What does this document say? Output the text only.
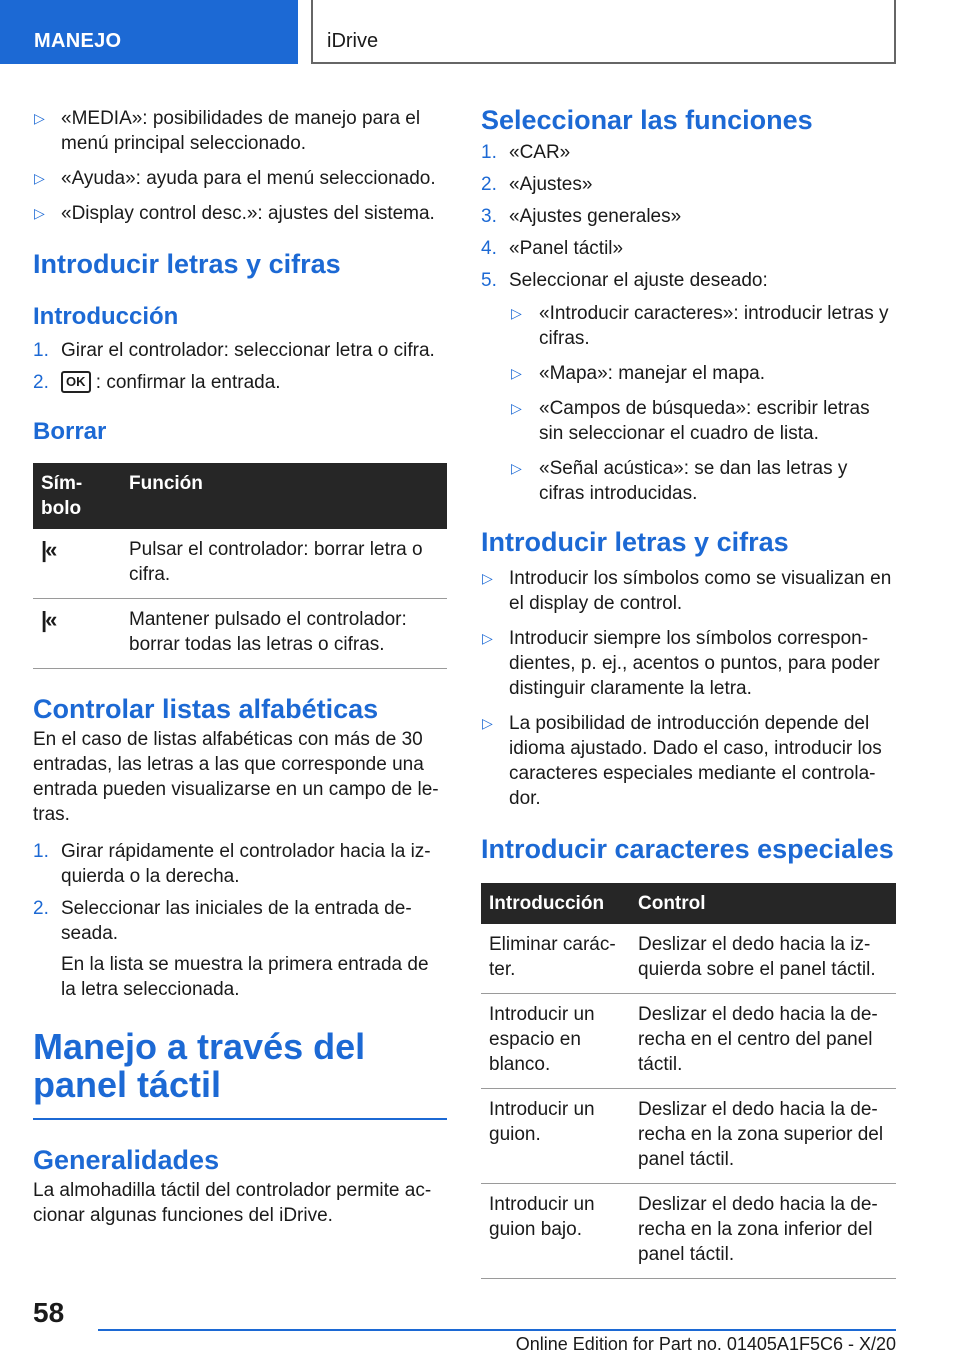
MANEJO	iDrive
▷ «MEDIA»: posibilidades de manejo para el menú principal seleccionado.
▷ «Ayuda»: ayuda para el menú seleccionado.
▷ «Display control desc.»: ajustes del sistema.
Introducir letras y cifras
Introducción
1. Girar el controlador: seleccionar letra o cifra.
2. OK : confirmar la entrada.
Borrar
Sím-
bolo	Función
|«	Pulsar el controlador: borrar letra o cifra.
|«	Mantener pulsado el controlador: borrar todas las letras o cifras.
Controlar listas alfabéticas

En el caso de listas alfabéticas con más de 30 entradas, las letras a las que corresponde una entrada pueden visualizarse en un campo de le-tras.

1. Girar rápidamente el controlador hacia la iz-quierda o la derecha.
2. Seleccionar las iniciales de la entrada de-seada.
En la lista se muestra la primera entrada de la letra seleccionada.
Manejo a través del panel táctil
Generalidades

La almohadilla táctil del controlador permite ac-cionar algunas funciones del iDrive.

Seleccionar las funciones
1. «CAR»
2. «Ajustes»
3. «Ajustes generales»
4. «Panel táctil»
5. Seleccionar el ajuste deseado:
▷ «Introducir caracteres»: introducir letras y cifras.
▷ «Mapa»: manejar el mapa.
▷ «Campos de búsqueda»: escribir letras sin seleccionar el cuadro de lista.
▷ «Señal acústica»: se dan las letras y cifras introducidas.
Introducir letras y cifras
▷ Introducir los símbolos como se visualizan en el display de control.
▷ Introducir siempre los símbolos correspon-dientes, p. ej., acentos o puntos, para poder distinguir claramente la letra.
▷ La posibilidad de introducción depende del idioma ajustado. Dado el caso, introducir los caracteres especiales mediante el controla-dor.
Introducir caracteres especiales
Introducción	Control
Eliminar carác-ter.	Deslizar el dedo hacia la iz-quierda sobre el panel táctil.
Introducir un espacio en blanco.	Deslizar el dedo hacia la de-recha en el centro del panel táctil.
Introducir un guion.	Deslizar el dedo hacia la de-recha en la zona superior del panel táctil.
Introducir un guion bajo.	Deslizar el dedo hacia la de-recha en la zona inferior del panel táctil.
58
Online Edition for Part no. 01405A1F5C6 - X/20
